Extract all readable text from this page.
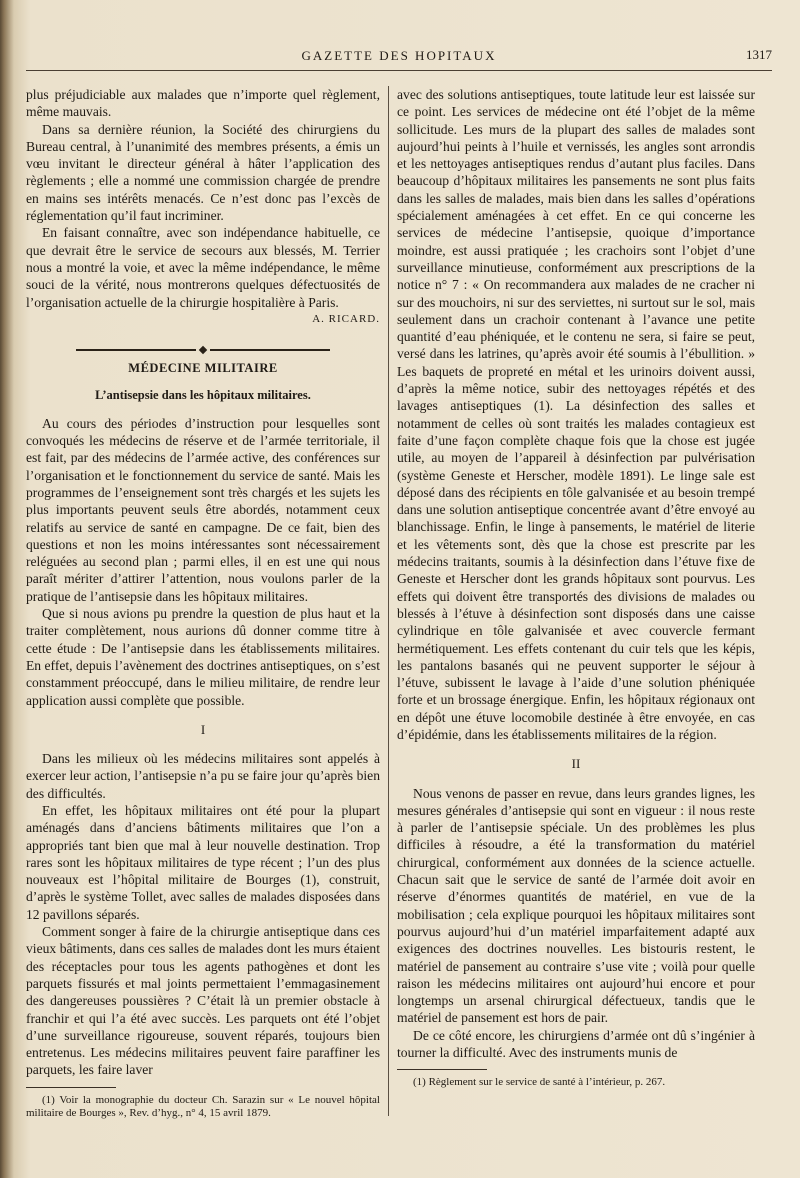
GAZETTE DES HOPITAUX	1317

plus préjudiciable aux malades que n’importe quel règlement, même mauvais.

Dans sa dernière réunion, la Société des chirurgiens du Bureau central, à l’unanimité des membres présents, a émis un vœu invitant le directeur général à hâter l’application des règlements ; elle a nommé une commission chargée de prendre en mains ses intérêts menacés. Ce n’est donc pas l’excès de réglementation qu’il faut incriminer.

En faisant connaître, avec son indépendance habituelle, ce que devrait être le service de secours aux blessés, M. Terrier nous a montré la voie, et avec la même indépendance, le même souci de la vérité, nous montrerons quelques défectuosités de l’organisation actuelle de la chirurgie hospitalière à Paris.

A. RICARD.
MÉDECINE MILITAIRE
L’antisepsie dans les hôpitaux militaires.

Au cours des périodes d’instruction pour lesquelles sont convoqués les médecins de réserve et de l’armée territoriale, il est fait, par des médecins de l’armée active, des conférences sur l’organisation et le fonctionnement du service de santé. Mais les programmes de l’enseignement sont très chargés et les sujets les plus importants peuvent seuls être abordés, notamment ceux relatifs au service de santé en campagne. De ce fait, bien des questions et non les moins intéressantes sont nécessairement reléguées au second plan ; parmi elles, il en est une qui nous paraît mériter d’attirer l’attention, nous voulons parler de la pratique de l’antisepsie dans les hôpitaux militaires.

Que si nous avions pu prendre la question de plus haut et la traiter complètement, nous aurions dû donner comme titre à cette étude : De l’antisepsie dans les établissements militaires. En effet, depuis l’avènement des doctrines antiseptiques, on s’est constamment préoccupé, dans le milieu militaire, de rendre leur application aussi complète que possible.

I

Dans les milieux où les médecins militaires sont appelés à exercer leur action, l’antisepsie n’a pu se faire jour qu’après bien des difficultés.

En effet, les hôpitaux militaires ont été pour la plupart aménagés dans d’anciens bâtiments militaires que l’on a appropriés tant bien que mal à leur nouvelle destination. Trop rares sont les hôpitaux militaires de type récent ; l’un des plus nouveaux est l’hôpital militaire de Bourges (1), construit, d’après le système Tollet, avec salles de malades disposées dans 12 pavillons séparés.

Comment songer à faire de la chirurgie antiseptique dans ces vieux bâtiments, dans ces salles de malades dont les murs étaient des réceptacles pour tous les agents pathogènes et dont les parquets fissurés et mal joints permettaient l’emmagasinement des dangereuses poussières ? C’était là un premier obstacle à franchir et qui l’a été avec succès. Les parquets ont été l’objet d’une surveillance rigoureuse, souvent réparés, toujours bien entretenus. Les médecins militaires peuvent faire paraffiner les parquets, les faire laver

(1) Voir la monographie du docteur Ch. Sarazin sur « Le nouvel hôpital militaire de Bourges », Rev. d’hyg., n° 4, 15 avril 1879.

avec des solutions antiseptiques, toute latitude leur est laissée sur ce point. Les services de médecine ont été l’objet de la même sollicitude. Les murs de la plupart des salles de malades sont aujourd’hui peints à l’huile et vernissés, les angles sont arrondis et les nettoyages antiseptiques rendus d’autant plus faciles. Dans beaucoup d’hôpitaux militaires les pansements ne sont plus faits dans les salles de malades, mais bien dans les salles d’opérations spécialement aménagées à cet effet. En ce qui concerne les services de médecine l’antisepsie, quoique d’importance moindre, est aussi pratiquée ; les crachoirs sont l’objet d’une surveillance minutieuse, conformément aux prescriptions de la notice n° 7 : « On recommandera aux malades de ne cracher ni sur des mouchoirs, ni sur des serviettes, ni surtout sur le sol, mais seulement dans un crachoir contenant à l’avance une petite quantité d’eau phéniquée, et le contenu ne sera, si faire se peut, versé dans les latrines, qu’après avoir été soumis à l’ébullition. » Les baquets de propreté en métal et les urinoirs doivent aussi, d’après la même notice, subir des nettoyages répétés et des lavages antiseptiques (1). La désinfection des salles et notamment de celles où sont traités les malades contagieux est faite d’une façon complète chaque fois que la chose est jugée utile, au moyen de l’appareil à désinfection par pulvérisation (système Geneste et Herscher, modèle 1891). Le linge sale est déposé dans des récipients en tôle galvanisée et au besoin trempé dans une solution antiseptique concentrée avant d’être envoyé au blanchissage. Enfin, le linge à pansements, le matériel de literie et les vêtements sont, dès que la chose est prescrite par les médecins traitants, soumis à la désinfection dans l’étuve fixe de Geneste et Herscher dont les grands hôpitaux sont pourvus. Les effets qui doivent être transportés des divisions de malades ou blessés à l’étuve à désinfection sont disposés dans une caisse cylindrique en tôle galvanisée et avec couvercle fermant hermétiquement. Les effets contenant du cuir tels que les képis, les pantalons basanés qui ne peuvent supporter le séjour à l’étuve, subissent le lavage à l’aide d’une solution phéniquée forte et un brossage énergique. Enfin, les hôpitaux régionaux ont en dépôt une étuve locomobile destinée à être envoyée, en cas d’épidémie, dans les établissements militaires de la région.

II

Nous venons de passer en revue, dans leurs grandes lignes, les mesures générales d’antisepsie qui sont en vigueur : il nous reste à parler de l’antisepsie spéciale. Un des problèmes les plus difficiles à résoudre, a été la transformation du matériel chirurgical, conformément aux données de la science actuelle. Chacun sait que le service de santé de l’armée doit avoir en réserve d’énormes quantités de matériel, en vue de la mobilisation ; cela explique pourquoi les hôpitaux militaires sont pourvus aujourd’hui d’un matériel imparfaitement adapté aux exigences des doctrines nouvelles. Les bistouris restent, le matériel de pansement au contraire s’use vite ; voilà pour quelle raison les médecins militaires ont aujourd’hui encore et pour longtemps un arsenal chirurgical défectueux, tandis que le matériel de pansement est hors de pair.

De ce côté encore, les chirurgiens d’armée ont dû s’ingénier à tourner la difficulté. Avec des instruments munis de

(1) Règlement sur le service de santé à l’intérieur, p. 267.
